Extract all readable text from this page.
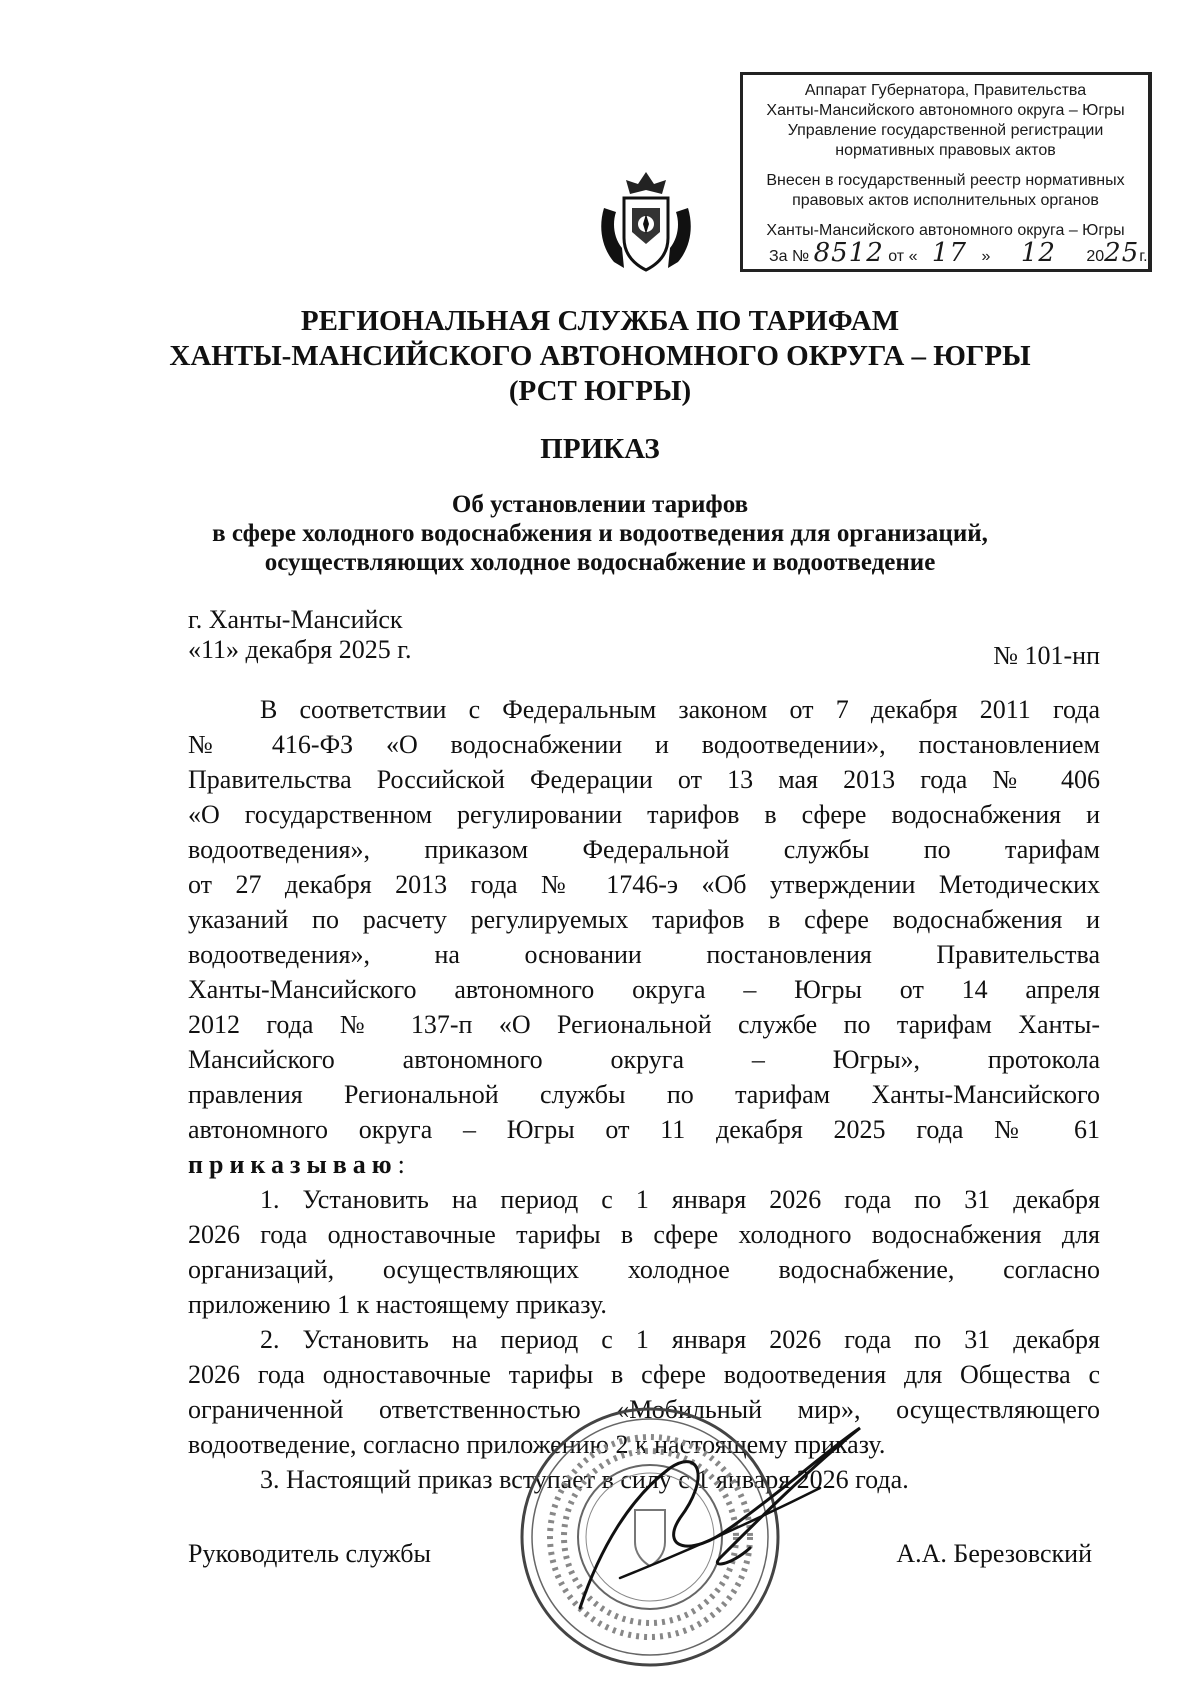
Аппарат Губернатора, Правительства
Ханты-Мансийского автономного округа – Югры
Управление государственной регистрации
нормативных правовых актов
Внесен в государственный реестр нормативных
правовых актов исполнительных органов
Ханты-Мансийского автономного округа – Югры
За № 8512 от « 17 » 12 2025г.
РЕГИОНАЛЬНАЯ СЛУЖБА ПО ТАРИФАМ
ХАНТЫ-МАНСИЙСКОГО АВТОНОМНОГО ОКРУГА – ЮГРЫ
(РСТ ЮГРЫ)
ПРИКАЗ
Об установлении тарифов
в сфере холодного водоснабжения и водоотведения для организаций,
осуществляющих холодное водоснабжение и водоотведение
г. Ханты-Мансийск
«11» декабря 2025 г.	№ 101-нп
В соответствии с Федеральным законом от 7 декабря 2011 года
№ 416-ФЗ «О водоснабжении и водоотведении», постановлением
Правительства Российской Федерации от 13 мая 2013 года № 406
«О государственном регулировании тарифов в сфере водоснабжения и
водоотведения», приказом Федеральной службы по тарифам
от 27 декабря 2013 года № 1746-э «Об утверждении Методических
указаний по расчету регулируемых тарифов в сфере водоснабжения и
водоотведения», на основании постановления Правительства
Ханты-Мансийского автономного округа – Югры от 14 апреля
2012 года № 137-п «О Региональной службе по тарифам Ханты-
Мансийского автономного округа – Югры», протокола
правления Региональной службы по тарифам Ханты-Мансийского
автономного округа – Югры от 11 декабря 2025 года № 61
приказываю:
1. Установить на период с 1 января 2026 года по 31 декабря
2026 года одноставочные тарифы в сфере холодного водоснабжения для
организаций, осуществляющих холодное водоснабжение, согласно
приложению 1 к настоящему приказу.
2. Установить на период с 1 января 2026 года по 31 декабря
2026 года одноставочные тарифы в сфере водоотведения для Общества с
ограниченной ответственностью «Мобильный мир», осуществляющего
водоотведение, согласно приложению 2 к настоящему приказу.
3. Настоящий приказ вступает в силу с 1 января 2026 года.
Руководитель службы	А.А. Березовский
